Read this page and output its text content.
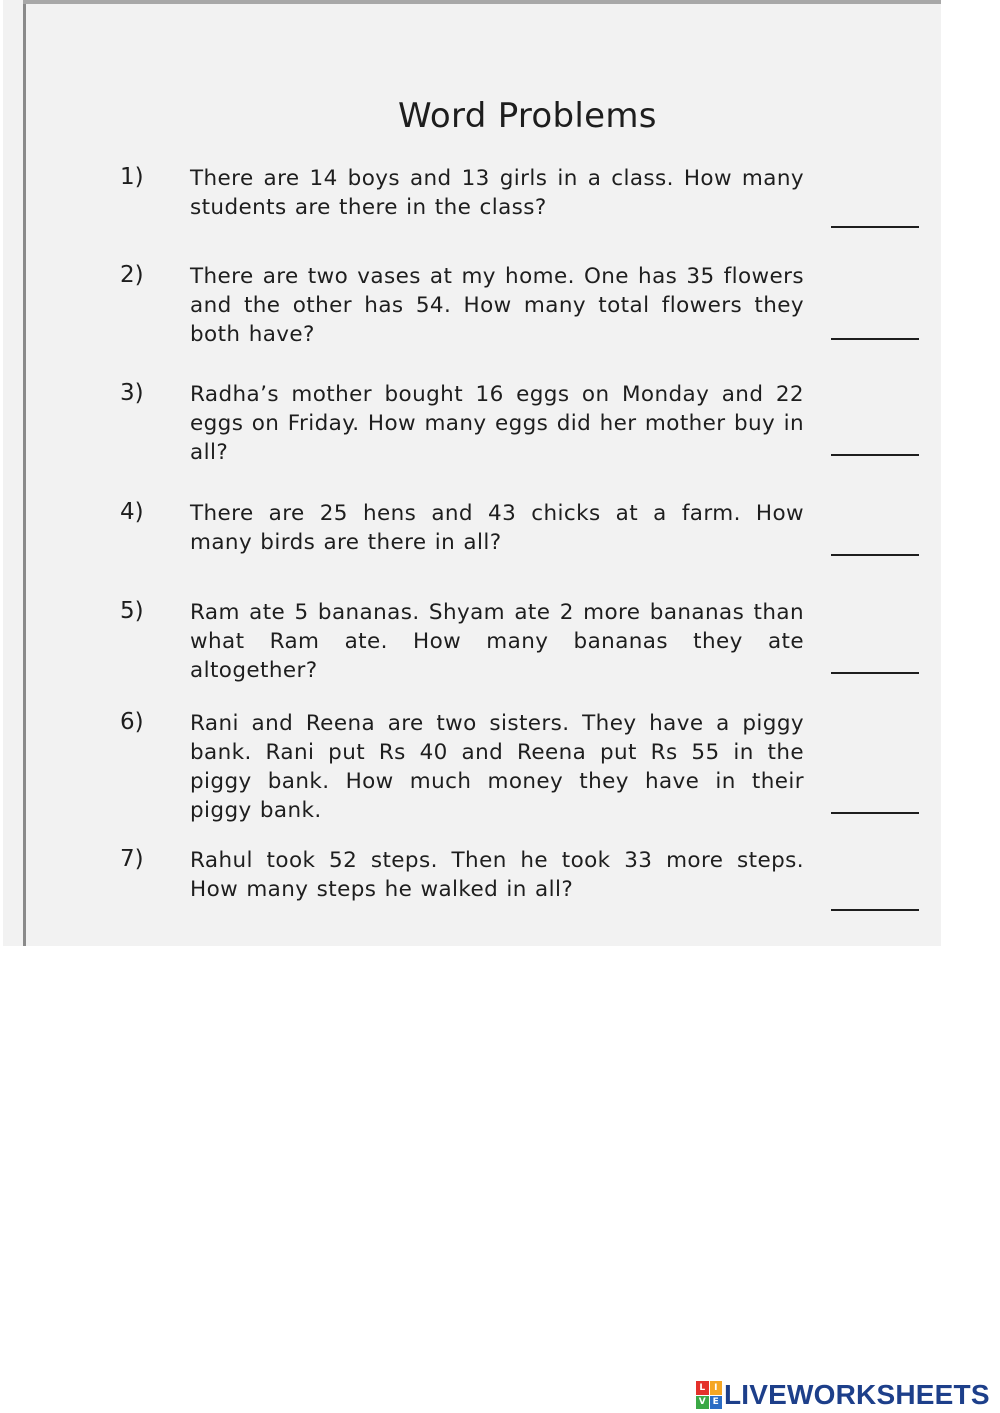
Word Problems
1) There are 14 boys and 13 girls in a class. How many students are there in the class?
2) There are two vases at my home. One has 35 flowers and the other has 54. How many total flowers they both have?
3) Radha’s mother bought 16 eggs on Monday and 22 eggs on Friday. How many eggs did her mother buy in all?
4) There are 25 hens and 43 chicks at a farm. How many birds are there in all?
5) Ram ate 5 bananas. Shyam ate 2 more bananas than what Ram ate. How many bananas they ate altogether?
6) Rani and Reena are two sisters. They have a piggy bank. Rani put Rs 40 and Reena put Rs 55 in the piggy bank. How much money they have in their piggy bank.
7) Rahul took 52 steps. Then he took 33 more steps. How many steps he walked in all?
L I
V E LIVEWORKSHEETS
